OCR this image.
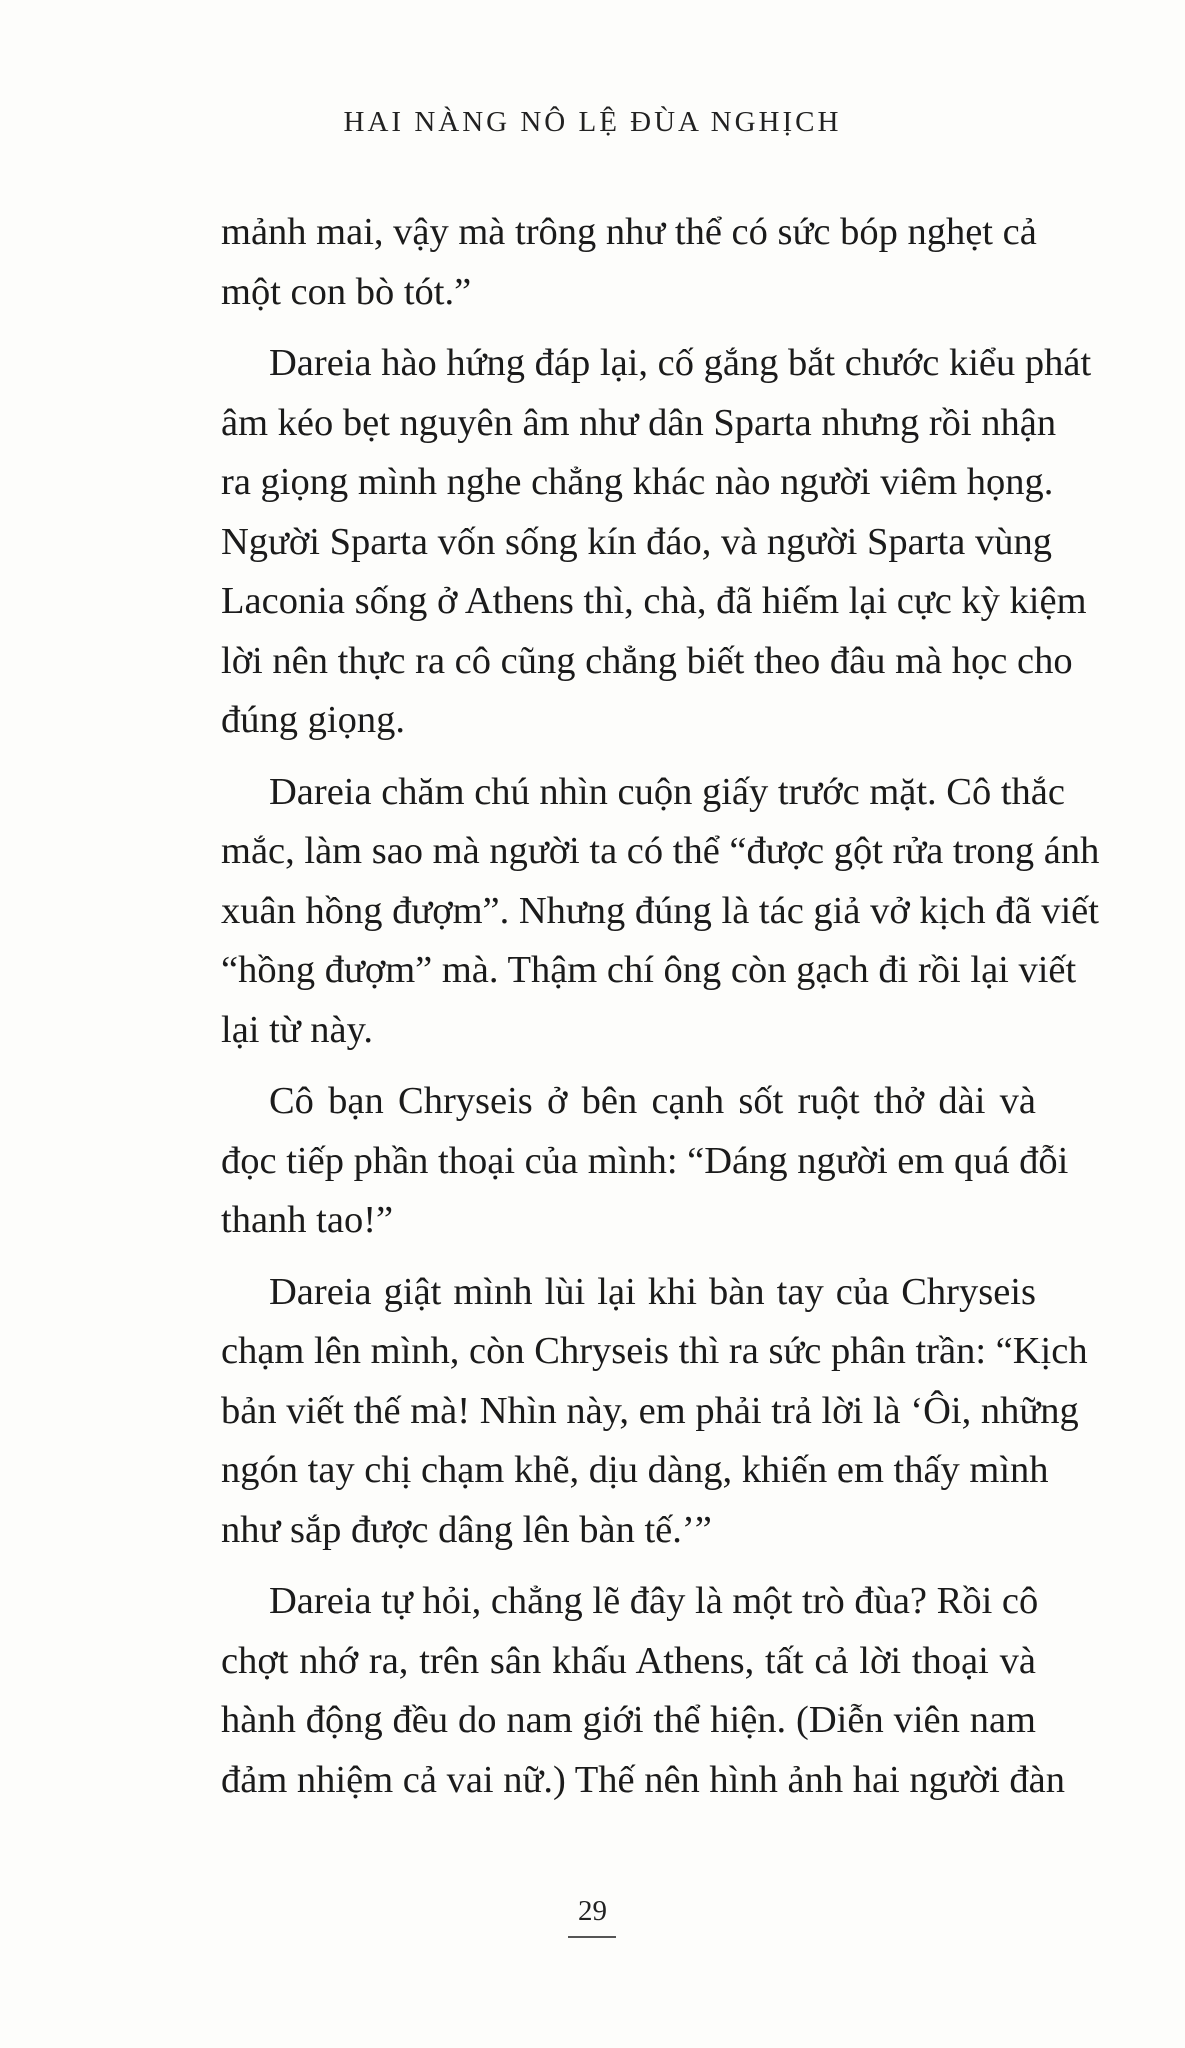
HAI NÀNG NÔ LỆ ĐÙA NGHỊCH
mảnh mai, vậy mà trông như thể có sức bóp nghẹt cả
một con bò tót.”
Dareia hào hứng đáp lại, cố gắng bắt chước kiểu phát
âm kéo bẹt nguyên âm như dân Sparta nhưng rồi nhận
ra giọng mình nghe chẳng khác nào người viêm họng.
Người Sparta vốn sống kín đáo, và người Sparta vùng
Laconia sống ở Athens thì, chà, đã hiếm lại cực kỳ kiệm
lời nên thực ra cô cũng chẳng biết theo đâu mà học cho
đúng giọng.
Dareia chăm chú nhìn cuộn giấy trước mặt. Cô thắc
mắc, làm sao mà người ta có thể “được gột rửa trong ánh
xuân hồng đượm”. Nhưng đúng là tác giả vở kịch đã viết
“hồng đượm” mà. Thậm chí ông còn gạch đi rồi lại viết
lại từ này.
Cô bạn Chryseis ở bên cạnh sốt ruột thở dài và
đọc tiếp phần thoại của mình: “Dáng người em quá đỗi
thanh tao!”
Dareia giật mình lùi lại khi bàn tay của Chryseis
chạm lên mình, còn Chryseis thì ra sức phân trần: “Kịch
bản viết thế mà! Nhìn này, em phải trả lời là ‘Ôi, những
ngón tay chị chạm khẽ, dịu dàng, khiến em thấy mình
như sắp được dâng lên bàn tế.’”
Dareia tự hỏi, chẳng lẽ đây là một trò đùa? Rồi cô
chợt nhớ ra, trên sân khấu Athens, tất cả lời thoại và
hành động đều do nam giới thể hiện. (Diễn viên nam
đảm nhiệm cả vai nữ.) Thế nên hình ảnh hai người đàn
29
